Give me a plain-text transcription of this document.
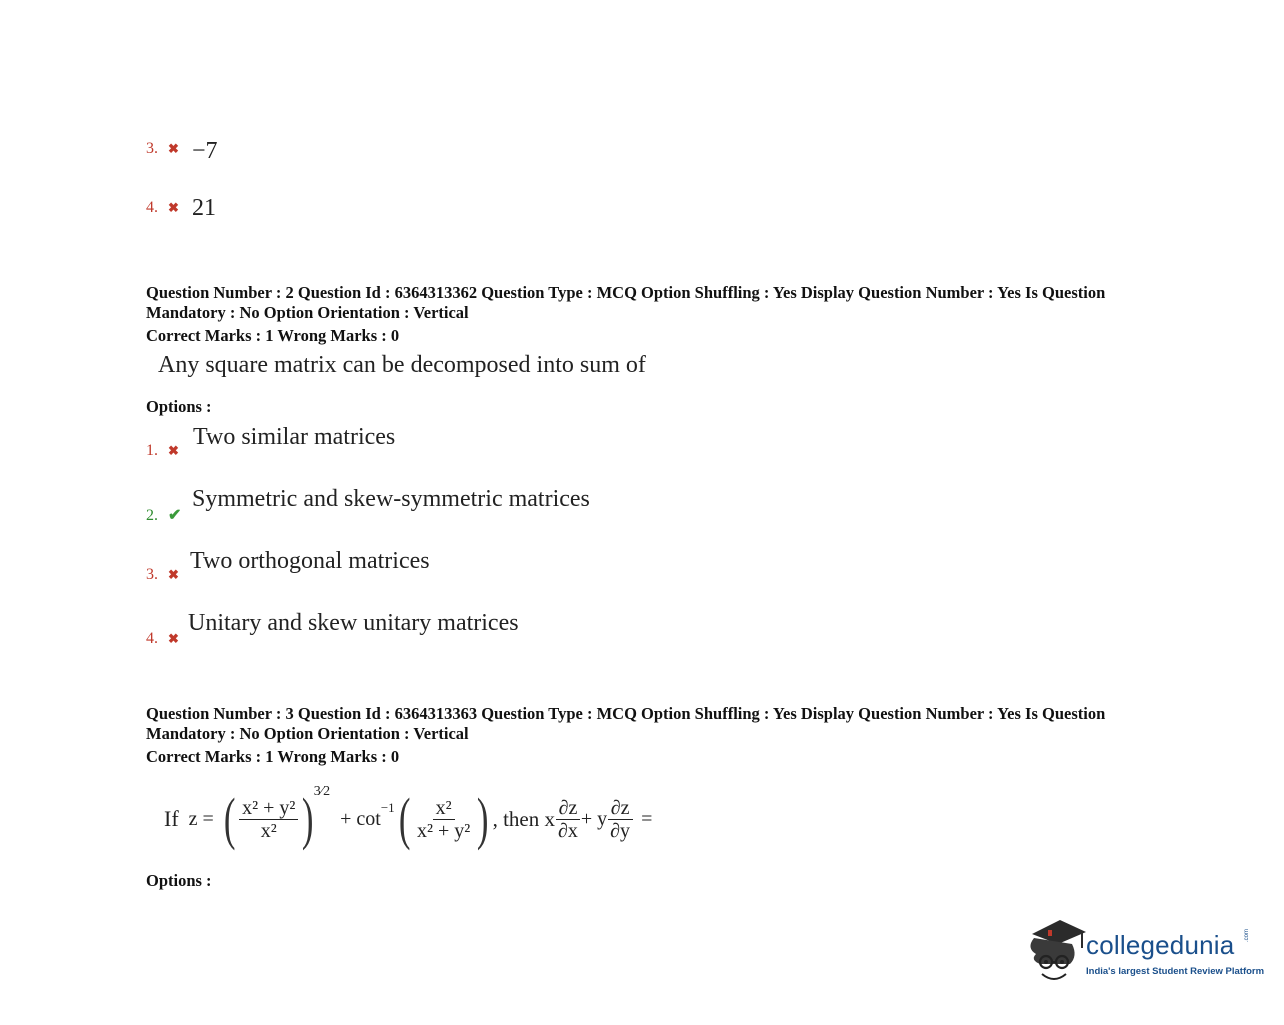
3. ✖ −7
4. ✖ 21
Question Number : 2 Question Id : 6364313362 Question Type : MCQ Option Shuffling : Yes Display Question Number : Yes Is Question
Mandatory : No Option Orientation : Vertical
Correct Marks : 1 Wrong Marks : 0
Any square matrix can be decomposed into sum of
Options :
1. ✖
Two similar matrices
2. ✔
Symmetric and skew-symmetric matrices
3. ✖
Two orthogonal matrices
4. ✖
Unitary and skew unitary matrices
Question Number : 3 Question Id : 6364313363 Question Type : MCQ Option Shuffling : Yes Display Question Number : Yes Is Question
Mandatory : No Option Orientation : Vertical
Correct Marks : 1 Wrong Marks : 0
If z = ( $\frac{\text{x² + y²}}{\text{x²}}$ ) 3⁄2
+ cot −1 ( $\frac{\text{x²}}{\text{x² + y²}}$ ) , then x $\frac{\partial z}{\partial x} + y \frac{\partial z}{\partial y}$ =
Options :
collegedunia .com
India's largest Student Review Platform
